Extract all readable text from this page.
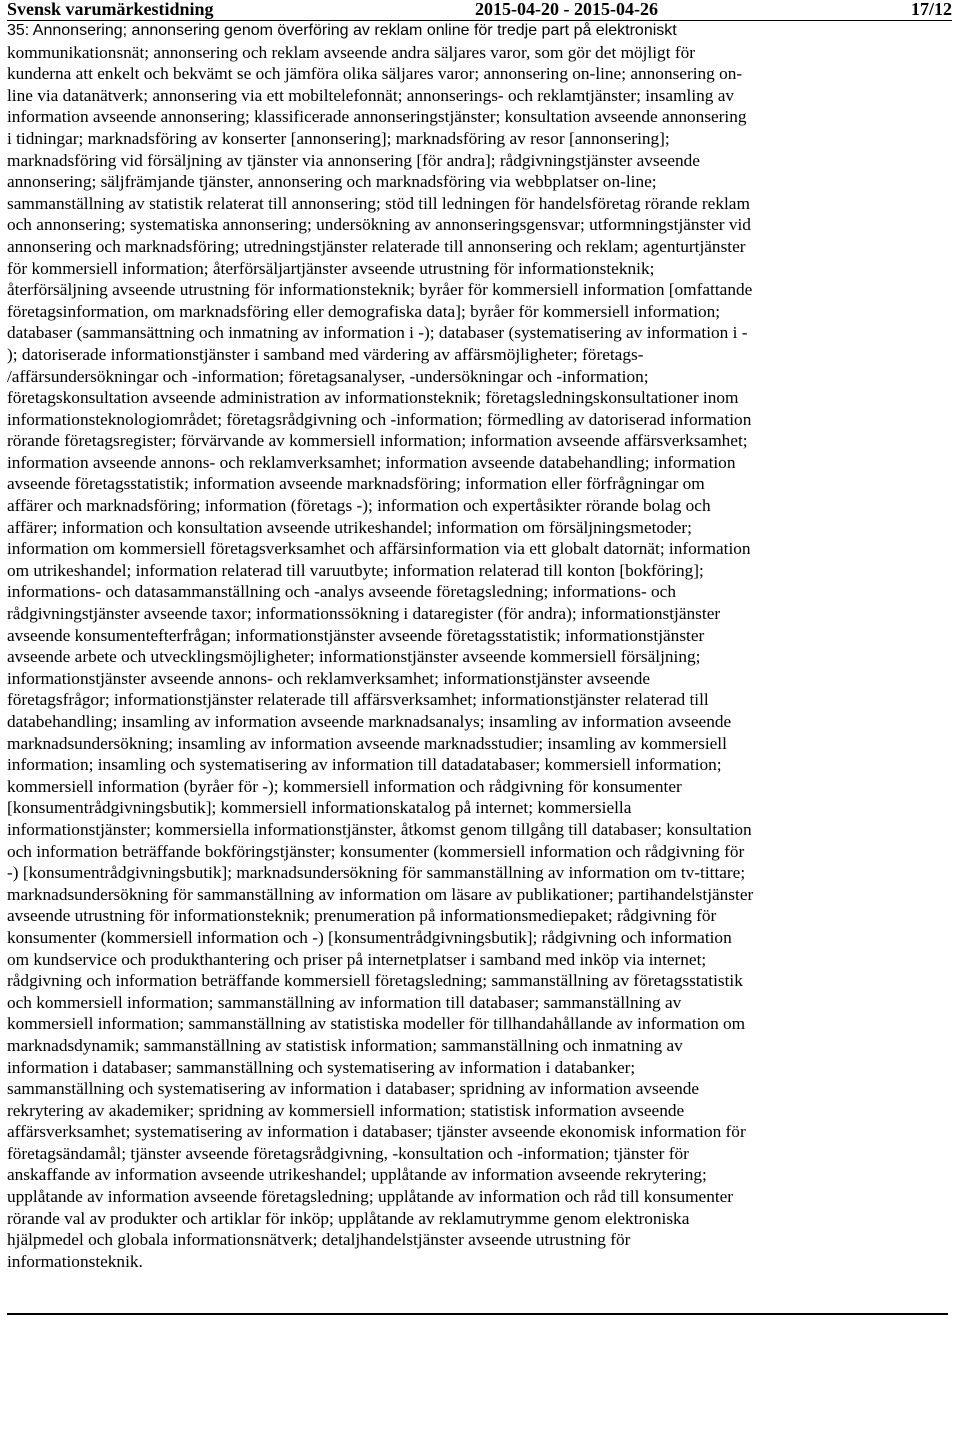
Svensk varumärkestidning	2015-04-20 - 2015-04-26	17/12
35: Annonsering; annonsering genom överföring av reklam online för tredje part på elektroniskt
kommunikationsnät; annonsering och reklam avseende andra säljares varor, som gör det möjligt för
kunderna att enkelt och bekvämt se och jämföra olika säljares varor; annonsering on-line; annonsering on-
line via datanätverk; annonsering via ett mobiltelefonnät; annonserings- och reklamtjänster; insamling av
information avseende annonsering; klassificerade annonseringstjänster; konsultation avseende annonsering
i tidningar; marknadsföring av konserter [annonsering]; marknadsföring av resor [annonsering];
marknadsföring vid försäljning av tjänster via annonsering [för andra]; rådgivningstjänster avseende
annonsering; säljfrämjande tjänster, annonsering och marknadsföring via webbplatser on-line;
sammanställning av statistik relaterat till annonsering; stöd till ledningen för handelsföretag rörande reklam
och annonsering; systematiska annonsering; undersökning av annonseringsgensvar; utformningstjänster vid
annonsering och marknadsföring; utredningstjänster relaterade till annonsering och reklam; agenturtjänster
för kommersiell information; återförsäljartjänster avseende utrustning för informationsteknik;
återförsäljning avseende utrustning för informationsteknik; byråer för kommersiell information [omfattande
företagsinformation, om marknadsföring eller demografiska data]; byråer för kommersiell information;
databaser (sammansättning och inmatning av information i -); databaser (systematisering av information i -
); datoriserade informationstjänster i samband med värdering av affärsmöjligheter; företags-
/affärsundersökningar och -information; företagsanalyser, -undersökningar och -information;
företagskonsultation avseende administration av informationsteknik; företagsledningskonsultationer inom
informationsteknologiområdet; företagsrådgivning och -information; förmedling av datoriserad information
rörande företagsregister; förvärvande av kommersiell information; information avseende affärsverksamhet;
information avseende annons- och reklamverksamhet; information avseende databehandling; information
avseende företagsstatistik; information avseende marknadsföring; information eller förfrågningar om
affärer och marknadsföring; information (företags -); information och expertåsikter rörande bolag och
affärer; information och konsultation avseende utrikeshandel; information om försäljningsmetoder;
information om kommersiell företagsverksamhet och affärsinformation via ett globalt datornät; information
om utrikeshandel; information relaterad till varuutbyte; information relaterad till konton [bokföring];
informations- och datasammanställning och -analys avseende företagsledning; informations- och
rådgivningstjänster avseende taxor; informationssökning i dataregister (för andra); informationstjänster
avseende konsumentefterfrågan; informationstjänster avseende företagsstatistik; informationstjänster
avseende arbete och utvecklingsmöjligheter; informationstjänster avseende kommersiell försäljning;
informationstjänster avseende annons- och reklamverksamhet; informationstjänster avseende
företagsfrågor; informationstjänster relaterade till affärsverksamhet; informationstjänster relaterad till
databehandling; insamling av information avseende marknadsanalys; insamling av information avseende
marknadsundersökning; insamling av information avseende marknadsstudier; insamling av kommersiell
information; insamling och systematisering av information till datadatabaser; kommersiell information;
kommersiell information (byråer för -); kommersiell information och rådgivning för konsumenter
[konsumentrådgivningsbutik]; kommersiell informationskatalog på internet; kommersiella
informationstjänster; kommersiella informationstjänster, åtkomst genom tillgång till databaser; konsultation
och information beträffande bokföringstjänster; konsumenter (kommersiell information och rådgivning för
-) [konsumentrådgivningsbutik]; marknadsundersökning för sammanställning av information om tv-tittare;
marknadsundersökning för sammanställning av information om läsare av publikationer; partihandelstjänster
avseende utrustning för informationsteknik; prenumeration på informationsmediepaket; rådgivning för
konsumenter (kommersiell information och -) [konsumentrådgivningsbutik]; rådgivning och information
om kundservice och produkthantering och priser på internetplatser i samband med inköp via internet;
rådgivning och information beträffande kommersiell företagsledning; sammanställning av företagsstatistik
och kommersiell information; sammanställning av information till databaser; sammanställning av
kommersiell information; sammanställning av statistiska modeller för tillhandahållande av information om
marknadsdynamik; sammanställning av statistisk information; sammanställning och inmatning av
information i databaser; sammanställning och systematisering av information i databanker;
sammanställning och systematisering av information i databaser; spridning av information avseende
rekrytering av akademiker; spridning av kommersiell information; statistisk information avseende
affärsverksamhet; systematisering av information i databaser; tjänster avseende ekonomisk information för
företagsändamål; tjänster avseende företagsrådgivning, -konsultation och -information; tjänster för
anskaffande av information avseende utrikeshandel; upplåtande av information avseende rekrytering;
upplåtande av information avseende företagsledning; upplåtande av information och råd till konsumenter
rörande val av produkter och artiklar för inköp; upplåtande av reklamutrymme genom elektroniska
hjälpmedel och globala informationsnätverk; detaljhandelstjänster avseende utrustning för
informationsteknik.
